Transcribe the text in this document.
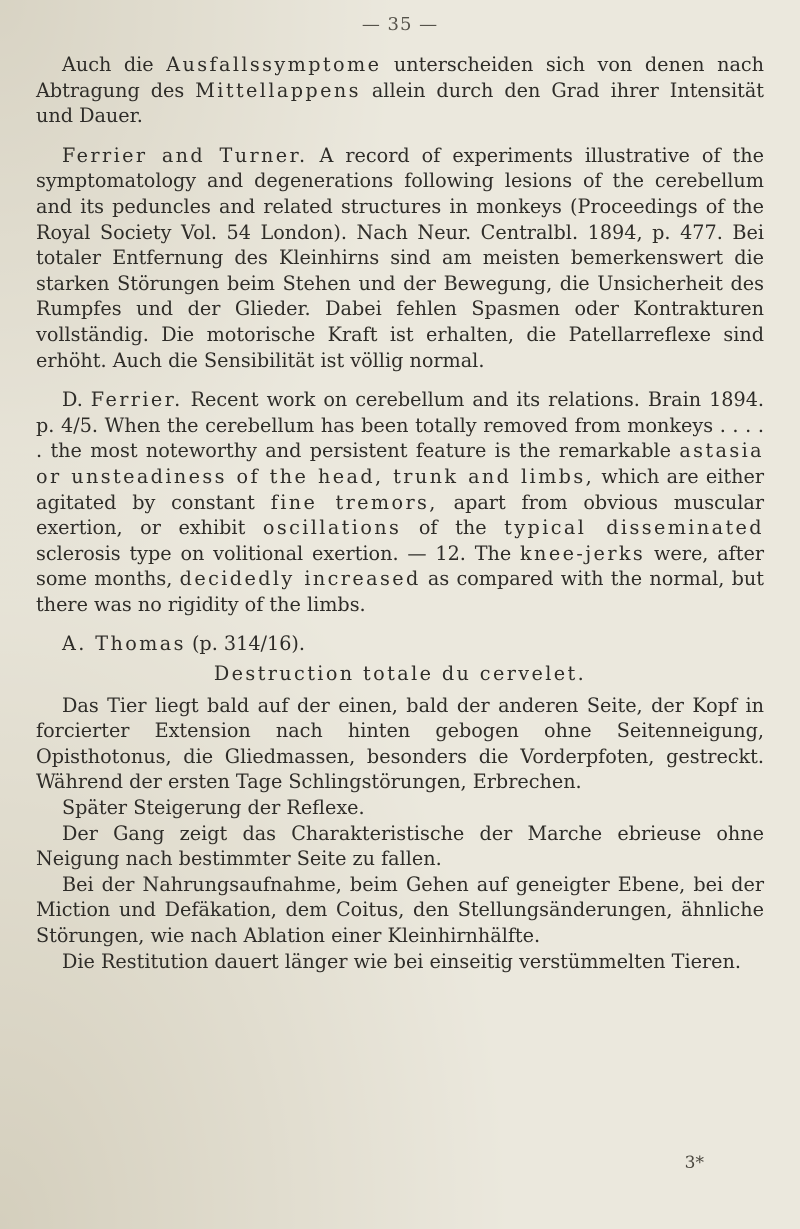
— 35 —

Auch die Ausfallssymptome unterscheiden sich von denen nach Abtragung des Mittellappens allein durch den Grad ihrer Intensität und Dauer.

Ferrier and Turner. A record of experiments illustrative of the symptomatology and degenerations following lesions of the cerebellum and its peduncles and related structures in monkeys (Proceedings of the Royal Society Vol. 54 London). Nach Neur. Centralbl. 1894, p. 477. Bei totaler Entfernung des Kleinhirns sind am meisten bemerkenswert die starken Störungen beim Stehen und der Bewegung, die Unsicherheit des Rumpfes und der Glieder. Dabei fehlen Spasmen oder Kontrakturen vollständig. Die motorische Kraft ist erhalten, die Patellarreflexe sind erhöht. Auch die Sensibilität ist völlig normal.

D. Ferrier. Recent work on cerebellum and its relations. Brain 1894. p. 4/5. When the cerebellum has been totally removed from monkeys . . . . . the most noteworthy and persistent feature is the remarkable astasia or unsteadiness of the head, trunk and limbs, which are either agitated by constant fine tremors, apart from obvious muscular exertion, or exhibit oscillations of the typical disseminated sclerosis type on volitional exertion. — 12. The knee-jerks were, after some months, decidedly increased as compared with the normal, but there was no rigidity of the limbs.

A. Thomas (p. 314/16).

Destruction totale du cervelet.

Das Tier liegt bald auf der einen, bald der anderen Seite, der Kopf in forcierter Extension nach hinten gebogen ohne Seitenneigung, Opisthotonus, die Gliedmassen, besonders die Vorderpfoten, gestreckt. Während der ersten Tage Schlingstörungen, Erbrechen.

Später Steigerung der Reflexe.

Der Gang zeigt das Charakteristische der Marche ebrieuse ohne Neigung nach bestimmter Seite zu fallen.

Bei der Nahrungsaufnahme, beim Gehen auf geneigter Ebene, bei der Miction und Defäkation, dem Coitus, den Stellungsänderungen, ähnliche Störungen, wie nach Ablation einer Kleinhirnhälfte.

Die Restitution dauert länger wie bei einseitig verstümmelten Tieren.

3*
